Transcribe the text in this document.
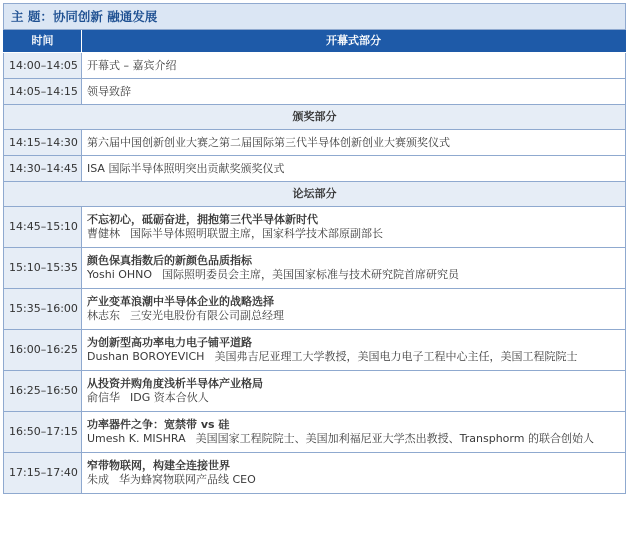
主 题：协同创新 融通发展	
时间	开幕式部分
14:00–14:05	开幕式 – 嘉宾介绍
14:05–14:15	领导致辞
颁奖部分	
14:15–14:30	第六届中国创新创业大赛之第二届国际第三代半导体创新创业大赛颁奖仪式
14:30–14:45	ISA 国际半导体照明突出贡献奖颁奖仪式
论坛部分	
14:45–15:10	不忘初心，砥砺奋进，拥抱第三代半导体新时代
曹健林 国际半导体照明联盟主席，国家科学技术部原副部长

15:10–15:35	颜色保真指数后的新颜色品质指标
Yoshi OHNO 国际照明委员会主席，美国国家标准与技术研究院首席研究员

15:35–16:00	产业变革浪潮中半导体企业的战略选择
林志东 三安光电股份有限公司副总经理

16:00–16:25	为创新型高功率电力电子铺平道路
Dushan BOROYEVICH 美国弗吉尼亚理工大学教授，美国电力电子工程中心主任，美国工程院院士

16:25–16:50	从投资并购角度浅析半导体产业格局
俞信华 IDG 资本合伙人

16:50–17:15	功率器件之争：宽禁带 vs 硅
Umesh K. MISHRA 美国国家工程院院士、美国加利福尼亚大学杰出教授、Transphorm 的联合创始人

17:15–17:40	窄带物联网，构建全连接世界
朱成 华为蜂窝物联网产品线 CEO
